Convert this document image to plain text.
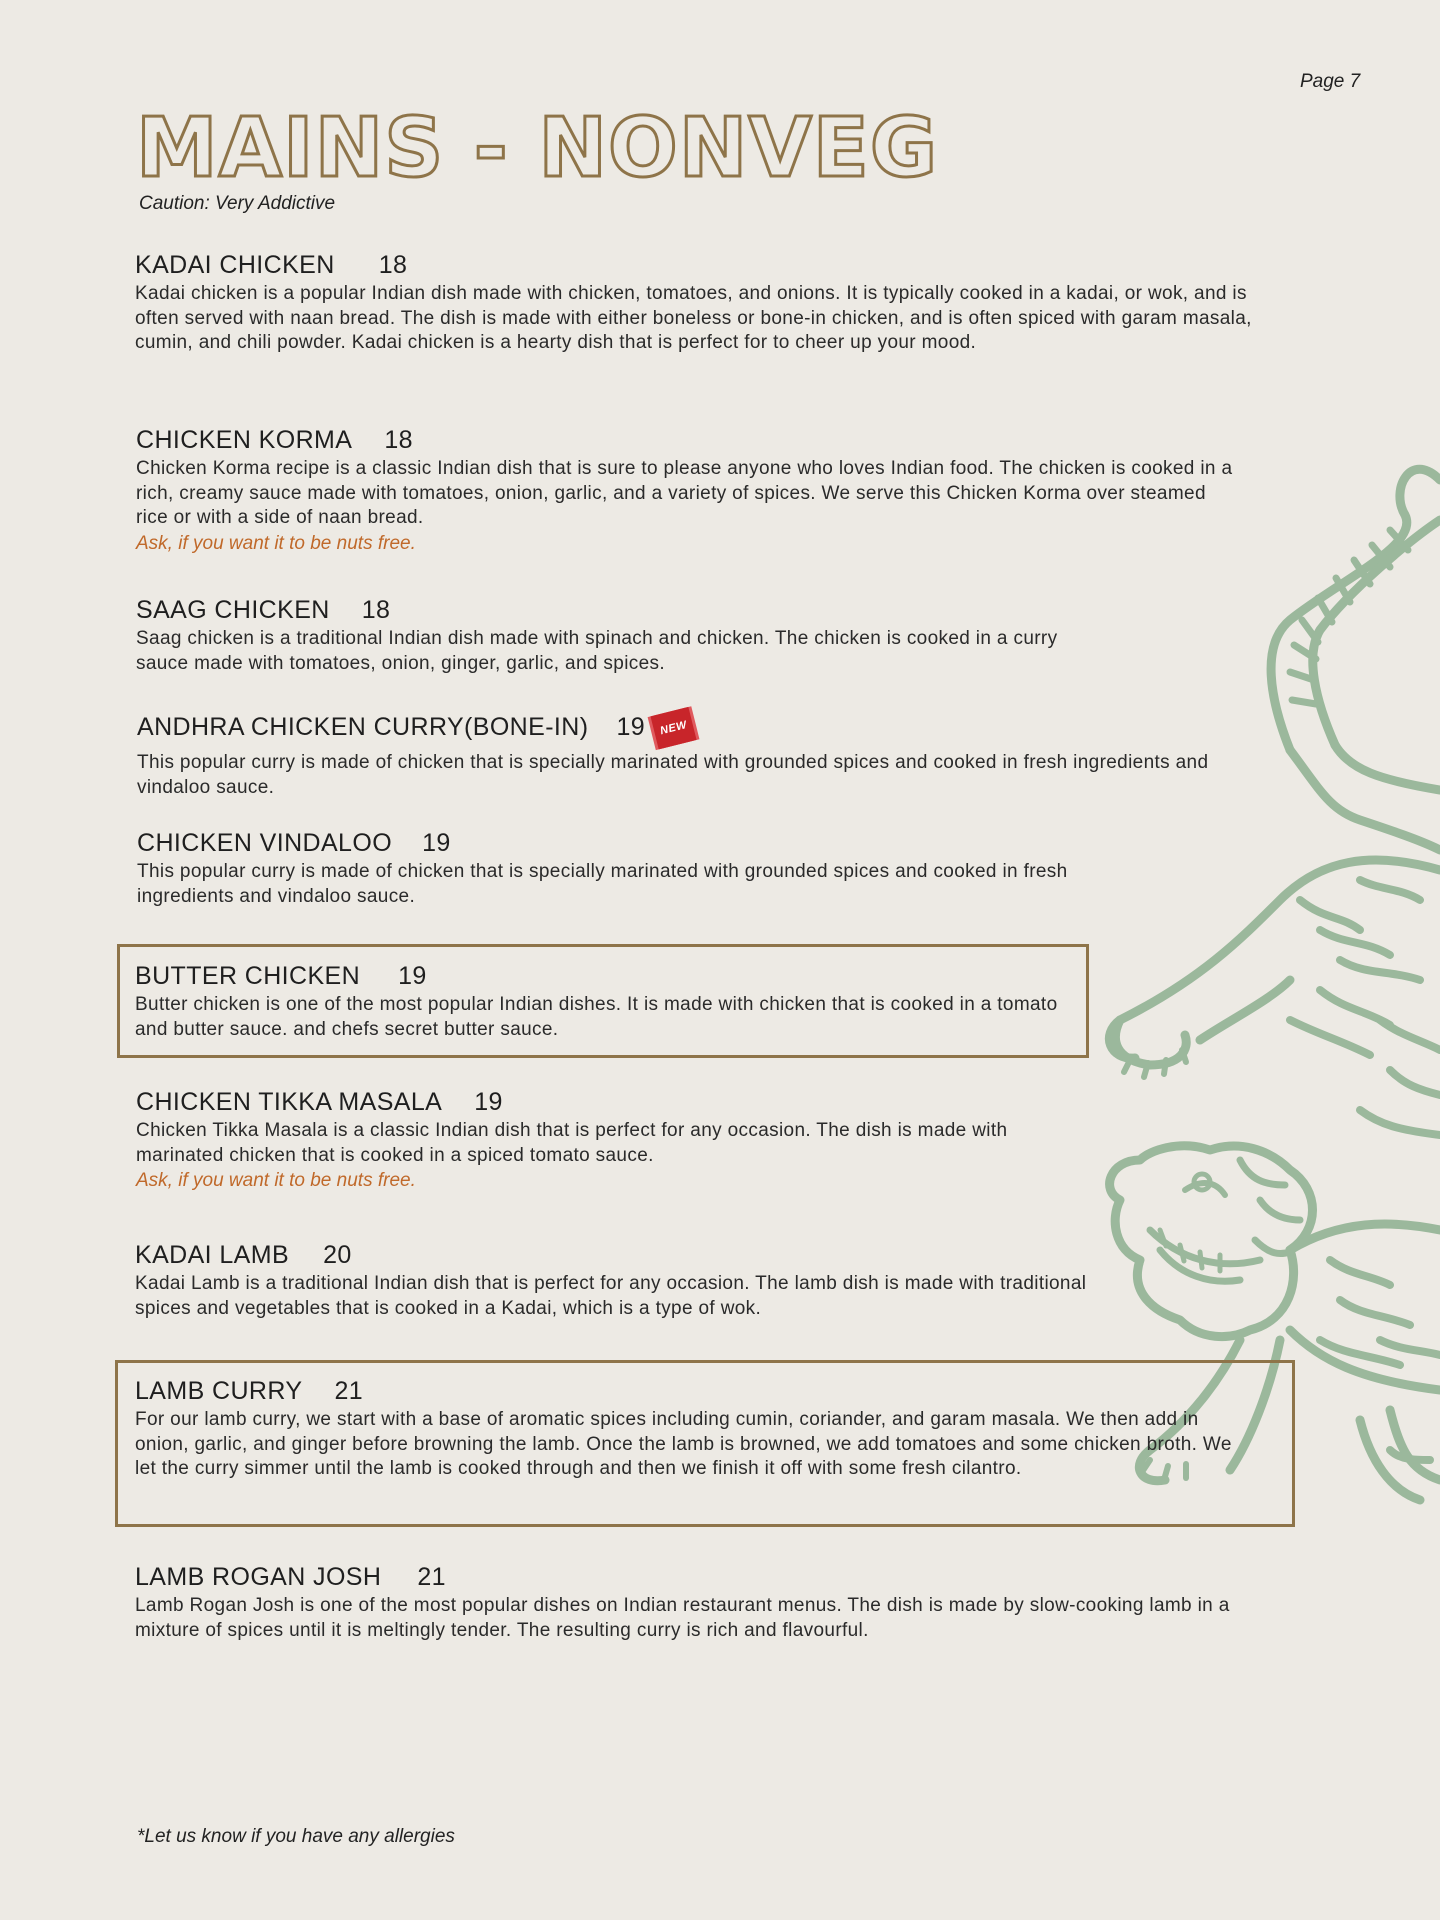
Page 7
MAINS - NONVEG
Caution: Very Addictive
KADAI CHICKEN 18
Kadai chicken is a popular Indian dish made with chicken, tomatoes, and onions. It is typically cooked in a kadai, or wok, and is often served with naan bread. The dish is made with either boneless or bone-in chicken, and is often spiced with garam masala, cumin, and chili powder. Kadai chicken is a hearty dish that is perfect for to cheer up your mood.
CHICKEN KORMA 18
Chicken Korma recipe is a classic Indian dish that is sure to please anyone who loves Indian food. The chicken is cooked in a rich, creamy sauce made with tomatoes, onion, garlic, and a variety of spices. We serve this Chicken Korma over steamed rice or with a side of naan bread.
Ask, if you want it to be nuts free.
SAAG CHICKEN 18
Saag chicken is a traditional Indian dish made with spinach and chicken. The chicken is cooked in a curry sauce made with tomatoes, onion, ginger, garlic, and spices.
ANDHRA CHICKEN CURRY(BONE-IN) 19	NEW
This popular curry is made of chicken that is specially marinated with grounded spices and cooked in fresh ingredients and vindaloo sauce.
CHICKEN VINDALOO 19
This popular curry is made of chicken that is specially marinated with grounded spices and cooked in fresh ingredients and vindaloo sauce.
BUTTER CHICKEN 19
Butter chicken is one of the most popular Indian dishes. It is made with chicken that is cooked in a tomato and butter sauce. and chefs secret butter sauce.
CHICKEN TIKKA MASALA 19
Chicken Tikka Masala is a classic Indian dish that is perfect for any occasion. The dish is made with marinated chicken that is cooked in a spiced tomato sauce.
Ask, if you want it to be nuts free.
KADAI LAMB 20
Kadai Lamb is a traditional Indian dish that is perfect for any occasion. The lamb dish is made with traditional spices and vegetables that is cooked in a Kadai, which is a type of wok.
LAMB CURRY 21
For our lamb curry, we start with a base of aromatic spices including cumin, coriander, and garam masala. We then add in onion, garlic, and ginger before browning the lamb. Once the lamb is browned, we add tomatoes and some chicken broth. We let the curry simmer until the lamb is cooked through and then we finish it off with some fresh cilantro.
LAMB ROGAN JOSH 21
Lamb Rogan Josh is one of the most popular dishes on Indian restaurant menus. The dish is made by slow-cooking lamb in a mixture of spices until it is meltingly tender. The resulting curry is rich and flavourful.
*Let us know if you have any allergies
